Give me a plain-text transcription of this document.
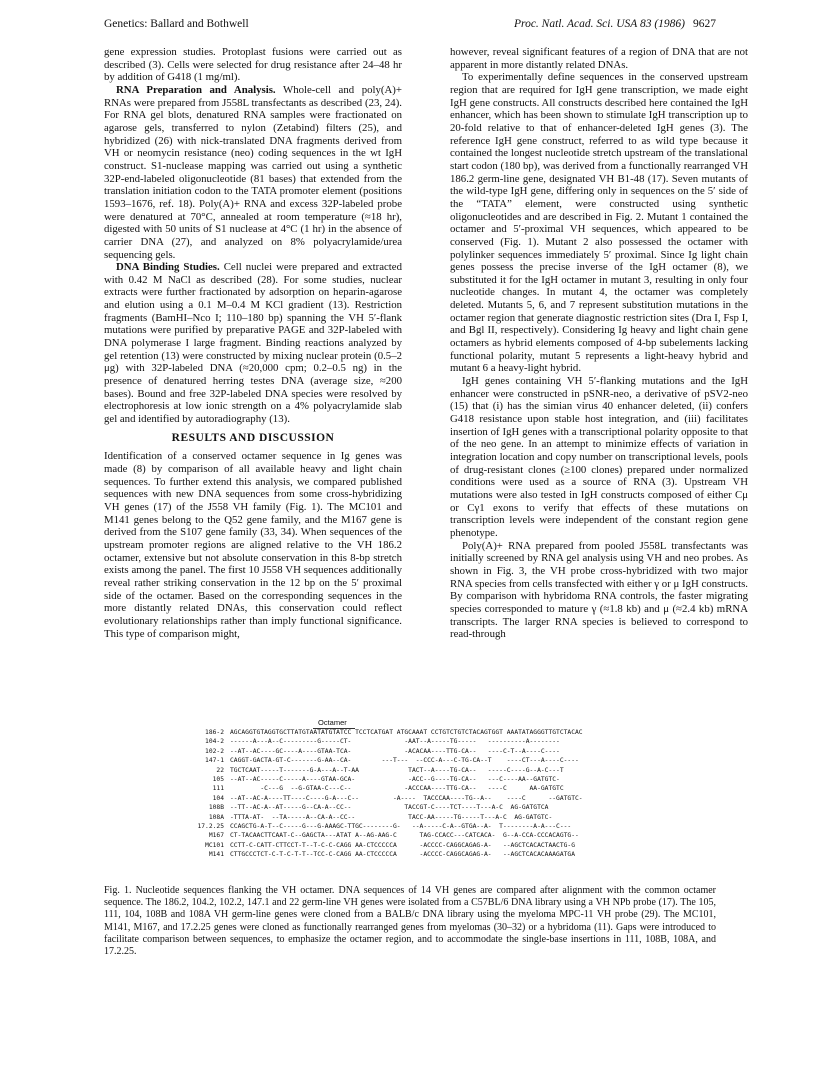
Genetics: Ballard and Bothwell	Proc. Natl. Acad. Sci. USA 83 (1986) 9627

gene expression studies. Protoplast fusions were carried out as described (3). Cells were selected for drug resistance after 24–48 hr by addition of G418 (1 mg/ml).

RNA Preparation and Analysis. Whole-cell and poly(A)+ RNAs were prepared from J558L transfectants as described (23, 24). For RNA gel blots, denatured RNA samples were fractionated on agarose gels, transferred to nylon (Zetabind) filters (25), and hybridized (26) with nick-translated DNA fragments derived from VH or neomycin resistance (neo) coding sequences in the wt IgH construct. S1-nuclease mapping was carried out using a synthetic 32P-end-labeled oligonucleotide (81 bases) that extended from the translation initiation codon to the TATA promoter element (positions 1593–1676, ref. 18). Poly(A)+ RNA and excess 32P-labeled probe were denatured at 70°C, annealed at room temperature (≈18 hr), digested with 50 units of S1 nuclease at 4°C (1 hr) in the absence of carrier DNA (27), and analyzed on 8% polyacrylamide/urea sequencing gels.

DNA Binding Studies. Cell nuclei were prepared and extracted with 0.42 M NaCl as described (28). For some studies, nuclear extracts were further fractionated by adsorption on heparin-agarose and elution using a 0.1 M–0.4 M KCl gradient (13). Restriction fragments (BamHI–Nco I; 110–180 bp) spanning the VH 5′-flank mutations were purified by preparative PAGE and 32P-labeled with DNA polymerase I large fragment. Binding reactions analyzed by gel retention (13) were constructed by mixing nuclear protein (0.5–2 μg) with 32P-labeled DNA (≈20,000 cpm; 0.2–0.5 ng) in the presence of denatured herring testes DNA (average size, ≈200 bases). Bound and free 32P-labeled DNA species were resolved by electrophoresis at low ionic strength on a 4% polyacrylamide slab gel and identified by autoradiography (13).

RESULTS AND DISCUSSION

Identification of a conserved octamer sequence in Ig genes was made (8) by comparison of all available heavy and light chain sequences. To further extend this analysis, we compared published sequences with new DNA sequences from some cross-hybridizing VH genes (17) of the J558 VH family (Fig. 1). The MC101 and M141 genes belong to the Q52 gene family, and the M167 gene is derived from the S107 gene family (33, 34). When sequences of the upstream promoter regions are aligned relative to the VH 186.2 octamer, extensive but not absolute conservation in this 8-bp stretch exists among the panel. The first 10 J558 VH sequences additionally reveal rather striking conservation in the 12 bp on the 5′ proximal side of the octamer. Based on the corresponding sequences in the more distantly related DNAs, this conservation could reflect evolutionary relationships rather than imply functional significance. This type of comparison might,

however, reveal significant features of a region of DNA that are not apparent in more distantly related DNAs.

To experimentally define sequences in the conserved upstream region that are required for IgH gene transcription, we made eight IgH gene constructs. All constructs described here contained the IgH enhancer, which has been shown to stimulate IgH transcription up to 20-fold relative to that of enhancer-deleted IgH genes (3). The reference IgH gene construct, referred to as wild type because it contained the longest nucleotide stretch upstream of the translational start codon (180 bp), was derived from a functionally rearranged VH 186.2 germ-line gene, designated VH B1-48 (17). Seven mutants of the wild-type IgH gene, differing only in sequences on the 5′ side of the “TATA” element, were constructed using synthetic oligonucleotides and are described in Fig. 2. Mutant 1 contained the octamer and 5′-proximal VH sequences, which appeared to be conserved (Fig. 1). Mutant 2 also possessed the octamer with polylinker sequences immediately 5′ proximal. Since Ig light chain genes possess the precise inverse of the IgH octamer (8), we substituted it for the IgH octamer in mutant 3, resulting in only four nucleotide changes. In mutant 4, the octamer was completely deleted. Mutants 5, 6, and 7 represent substitution mutations in the octamer region that generate diagnostic restriction sites (Dra I, Fsp I, and Bgl II, respectively). Considering Ig heavy and light chain gene octamers as hybrid elements composed of 4-bp subelements lacking functional polarity, mutant 5 represents a light-heavy hybrid and mutant 6 a heavy-light hybrid.

IgH genes containing VH 5′-flanking mutations and the IgH enhancer were constructed in pSNR-neo, a derivative of pSV2-neo (15) that (i) has the simian virus 40 enhancer deleted, (ii) confers G418 resistance upon stable host integration, and (iii) facilitates insertion of IgH genes with a transcriptional polarity opposite to that of the neo gene. In an attempt to minimize effects of variation in integration location and copy number on transcriptional levels, pools of drug-resistant clones (≥100 clones) prepared under normalized conditions were used as a source of RNA (3). Upstream VH mutations were also tested in IgH constructs composed of either Cμ or Cγ1 exons to verify that effects of these mutations on transcription levels were independent of the constant region gene phenotype.

Poly(A)+ RNA prepared from pooled J558L transfectants was initially screened by RNA gel analysis using VH and neo probes. As shown in Fig. 3, the VH probe cross-hybridized with two major RNA species from cells transfected with either γ or μ IgH constructs. By comparison with hybridoma RNA controls, the faster migrating species corresponded to mature γ (≈1.8 kb) and μ (≈2.4 kb) mRNA transcripts. The larger RNA species is believed to correspond to read-through

Octamer
186-2 AGCAGGTGTAGGTGCTTATGTAATATGTATCC TCCTCATGAT ATGCAAAT CCTGTCTGTCTACAGTGGT AAATATAGGGTTGTCTACAC
104-2 ------A---A--C---------G-----CT-              -AAT--A-----TG-----   ----------A--------
102-2 --AT--AC----GC----A----GTAA-TCA-              -ACACAA----TTG-CA--   ----C-T--A----C----
147-1 CAGGT-GACTA-GT-C-------G-AA--CA-        ---T---  --CCC-A---C-TG-CA--T    ----CT---A----C----
22 TGCTCAAT-----T-------G-A---A--T-AA             TACT--A----TG-CA--   -----C----G--A-C---T
105 --AT--AC-----C-----A----GTAA-GCA-              -ACC--G----TG-CA--   ---C----AA--GATGTC-
111        -C---G  --G-GTAA-C---C--              -ACCCAA----TTG-CA--   ----C      AA-GATGTC
104 --AT--AC-A----TT----C----G-A---C--         -A----  TACCCAA----TG--A--    ----C      --GATGTC-
108B --TT--AC-A--AT-----G--CA-A--CC--              TACCGT-C----TCT----T---A-C  AG-GATGTCA
108A -TTTA-AT-  --TA-----A--CA-A--CC--              TACC-AA-----TG-----T---A-C  AG-GATGTC-
17.2.25 CCAGCTG-A-T--C-----G---G-AAAGC-TTGC--------G-   --A-----C-A--GTGA--A-  T--------A-A---C---
M167 CT-TACAACTTCAAT-C--GAGCTA---ATAT A--AG-AAG-C      TAG-CCACC---CATCACA-  G--A-CCA-CCCACAGTG--
MC101 CCTT-C-CATT-CTTCCT-T--T-C-C-CAGG AA-CTCCCCCA      -ACCCC-CAGGCAGAG-A-   --AGCTCACACTAACTG-G
M141 CTTGCCCTCT-C-T-C-T-T--TCC-C-CAGG AA-CTCCCCCA      -ACCCC-CAGGCAGAG-A-   --AGCTCACACAAAGATGA
Fig. 1. Nucleotide sequences flanking the VH octamer. DNA sequences of 14 VH genes are compared after alignment with the common octamer sequence. The 186.2, 104.2, 102.2, 147.1 and 22 germ-line VH genes were isolated from a C57BL/6 DNA library using a VH NPb probe (17). The 105, 111, 104, 108B and 108A VH germ-line genes were cloned from a BALB/c DNA library using the myeloma MPC-11 VH probe (29). The MC101, M141, M167, and 17.2.25 genes were cloned as functionally rearranged genes from myelomas (30–32) or a hybridoma (11). Gaps were introduced to facilitate comparison between sequences, to emphasize the octamer region, and to accommodate the single-base insertions in 111, 108B, 108A, and 17.2.25.
